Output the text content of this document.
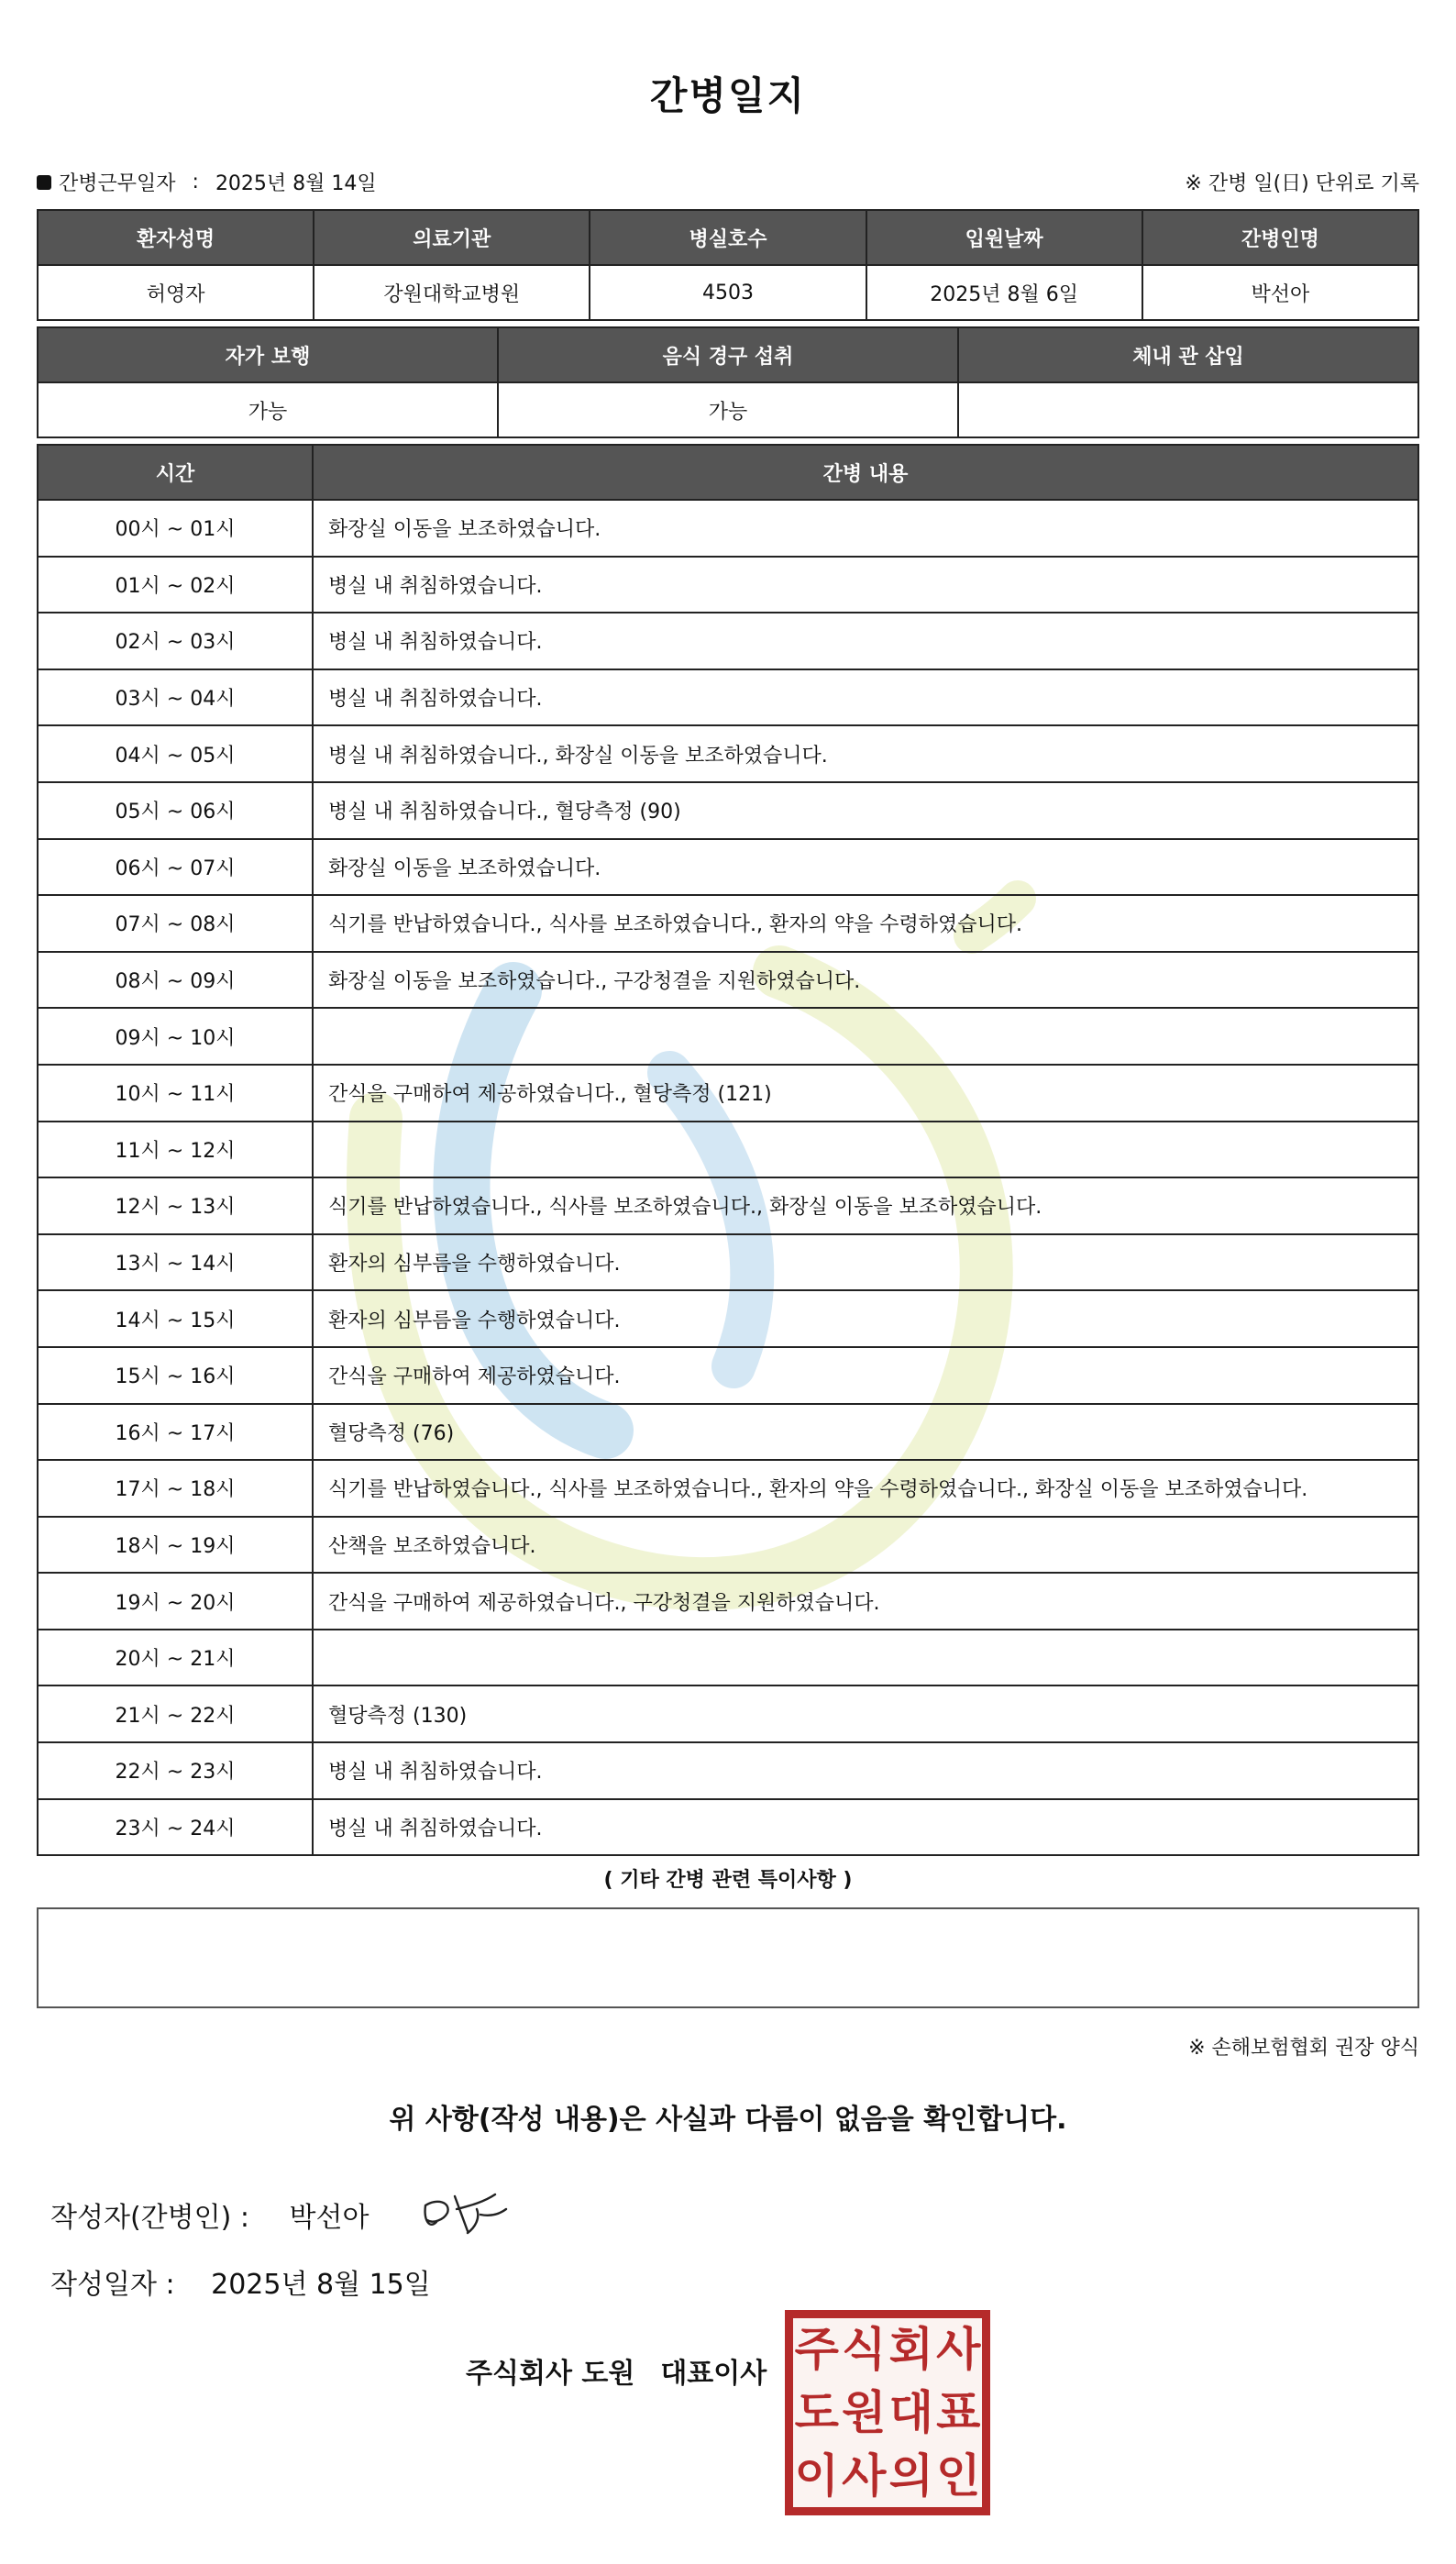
간병일지
간병근무일자 : 2025년 8월 14일	※ 간병 일(日) 단위로 기록
환자성명	의료기관	병실호수	입원날짜	간병인명
허영자	강원대학교병원	4503	2025년 8월 6일	박선아
자가 보행	음식 경구 섭취	체내 관 삽입
가능	가능	
시간	간병 내용
00시 ~ 01시	화장실 이동을 보조하였습니다.
01시 ~ 02시	병실 내 취침하였습니다.
02시 ~ 03시	병실 내 취침하였습니다.
03시 ~ 04시	병실 내 취침하였습니다.
04시 ~ 05시	병실 내 취침하였습니다., 화장실 이동을 보조하였습니다.
05시 ~ 06시	병실 내 취침하였습니다., 혈당측정 (90)
06시 ~ 07시	화장실 이동을 보조하였습니다.
07시 ~ 08시	식기를 반납하였습니다., 식사를 보조하였습니다., 환자의 약을 수령하였습니다.
08시 ~ 09시	화장실 이동을 보조하였습니다., 구강청결을 지원하였습니다.
09시 ~ 10시	
10시 ~ 11시	간식을 구매하여 제공하였습니다., 혈당측정 (121)
11시 ~ 12시	
12시 ~ 13시	식기를 반납하였습니다., 식사를 보조하였습니다., 화장실 이동을 보조하였습니다.
13시 ~ 14시	환자의 심부름을 수행하였습니다.
14시 ~ 15시	환자의 심부름을 수행하였습니다.
15시 ~ 16시	간식을 구매하여 제공하였습니다.
16시 ~ 17시	혈당측정 (76)
17시 ~ 18시	식기를 반납하였습니다., 식사를 보조하였습니다., 환자의 약을 수령하였습니다., 화장실 이동을 보조하였습니다.
18시 ~ 19시	산책을 보조하였습니다.
19시 ~ 20시	간식을 구매하여 제공하였습니다., 구강청결을 지원하였습니다.
20시 ~ 21시	
21시 ~ 22시	혈당측정 (130)
22시 ~ 23시	병실 내 취침하였습니다.
23시 ~ 24시	병실 내 취침하였습니다.
( 기타 간병 관련 특이사항 )
※ 손해보험협회 권장 양식
위 사항(작성 내용)은 사실과 다름이 없음을 확인합니다.
작성자(간병인) : 박선아
작성일자 : 2025년 8월 15일
주식회사 도원 대표이사 주 식 회 사
도 원 대 표
이 사 의 인
